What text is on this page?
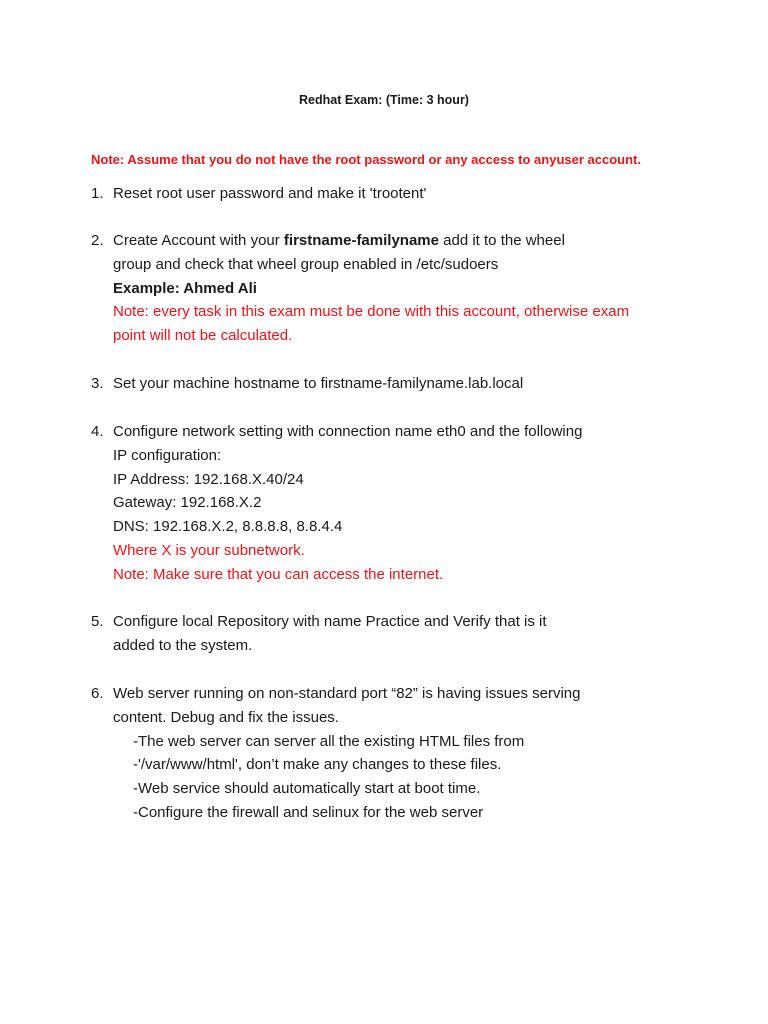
Redhat Exam: (Time: 3 hour)
Note: Assume that you do not have the root password or any access to anyuser account.
1. Reset root user password and make it 'trootent'
2. Create Account with your firstname-familyname add it to the wheel
group and check that wheel group enabled in /etc/sudoers
Example: Ahmed Ali
Note: every task in this exam must be done with this account, otherwise exam
point will not be calculated.
3. Set your machine hostname to firstname-familyname.lab.local
4. Configure network setting with connection name eth0 and the following
IP configuration:
IP Address: 192.168.X.40/24
Gateway: 192.168.X.2
DNS: 192.168.X.2, 8.8.8.8, 8.8.4.4
Where X is your subnetwork.
Note: Make sure that you can access the internet.
5. Configure local Repository with name Practice and Verify that is it
added to the system.
6. Web server running on non-standard port “82” is having issues serving
content. Debug and fix the issues.
-The web server can server all the existing HTML files from
-'/var/www/html', don’t make any changes to these files.
-Web service should automatically start at boot time.
-Configure the firewall and selinux for the web server
